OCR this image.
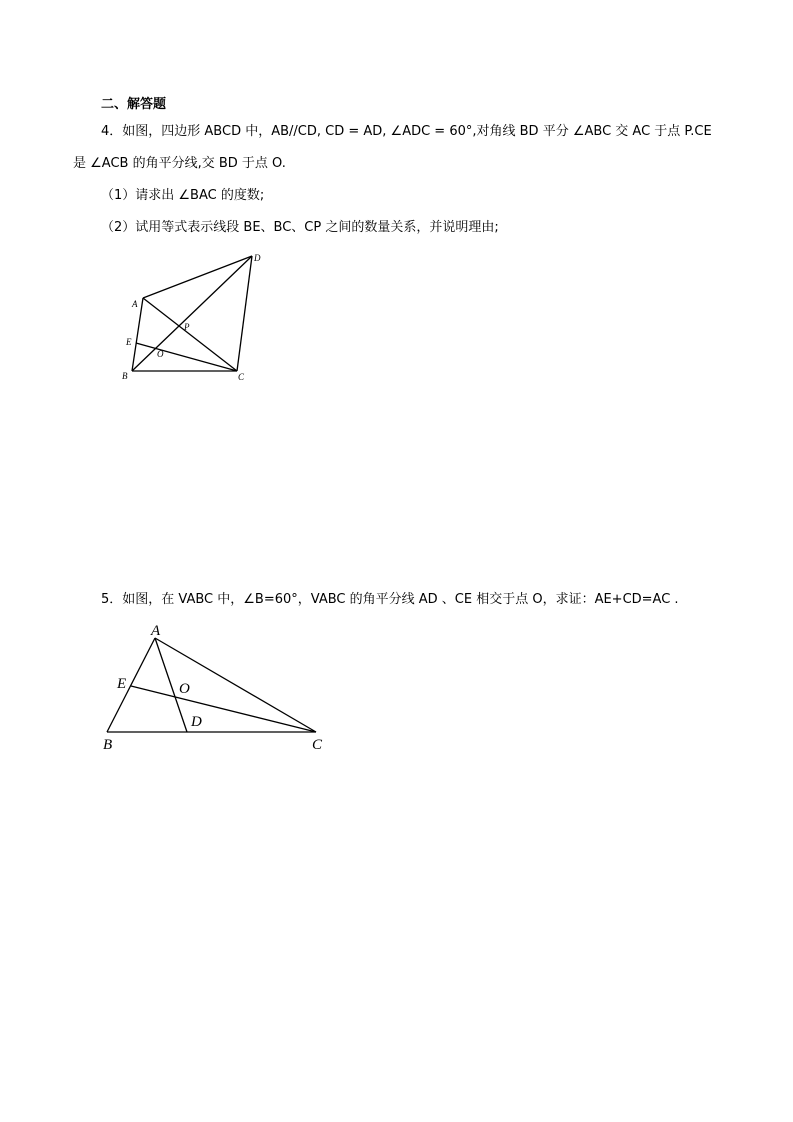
二、解答题
4．如图，四边形 ABCD 中，AB//CD, CD = AD, ∠ADC = 60°,对角线 BD 平分 ∠ABC 交 AC 于点 P.CE
是 ∠ACB 的角平分线,交 BD 于点 O.
（1）请求出 ∠BAC 的度数;
（2）试用等式表示线段 BE、BC、CP 之间的数量关系，并说明理由;
A
B	C
D
E
O
P
5．如图，在 VABC 中，∠B=60°，VABC 的角平分线 AD 、CE 相交于点 O，求证：AE+CD=AC .
A
B	C
D
E	O
